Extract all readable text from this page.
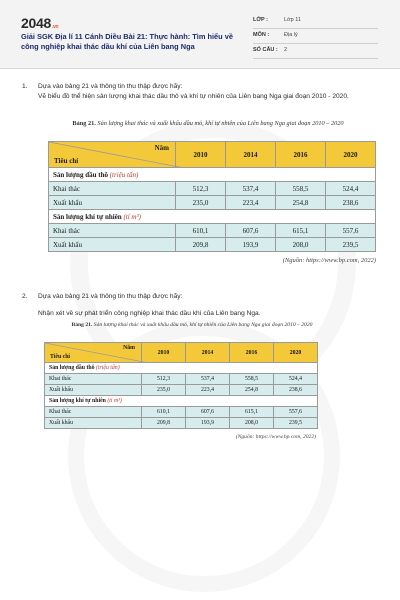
2048.vn
Giải SGK Địa lí 11 Cánh Diều Bài 21: Thực hành: Tìm hiểu về công nghiệp khai thác dầu khí của Liên bang Nga
LỚP :	Lớp 11
MÔN :	Địa lý
SỐ CÂU : 2
1. Dựa vào bảng 21 và thông tin thu thập được hãy:
Vẽ biểu đồ thể hiện sản lượng khai thác dầu thô và khí tự nhiên của Liên bang Nga giai đoạn 2010 - 2020.
Bảng 21. Sản lượng khai thác và xuất khẩu dầu mỏ, khí tự nhiên của Liên bang Nga giai đoạn 2010 – 2020
Năm
Tiêu chí	2010	2014	2016	2020
Sản lượng dầu thô (triệu tấn)				
Khai thác	512,3	537,4	558,5	524,4
Xuất khẩu	235,0	223,4	254,8	238,6
Sản lượng khí tự nhiên (tỉ m³)				
Khai thác	610,1	607,6	615,1	557,6
Xuất khẩu	209,8	193,9	208,0	239,5
(Nguồn: https://www.bp.com, 2022)
2. Dựa vào bảng 21 và thông tin thu thập được hãy:
Nhận xét về sự phát triển công nghiệp khai thác dầu khí của Liên bang Nga.
Bảng 21. Sản lượng khai thác và xuất khẩu dầu mỏ, khí tự nhiên của Liên bang Nga giai đoạn 2010 – 2020
Năm
Tiêu chí	2010	2014	2016	2020
Sản lượng dầu thô (triệu tấn)				
Khai thác	512,3	537,4	558,5	524,4
Xuất khẩu	235,0	223,4	254,8	238,6
Sản lượng khí tự nhiên (tỉ m³)				
Khai thác	610,1	607,6	615,1	557,6
Xuất khẩu	209,8	193,9	208,0	239,5
(Nguồn: https://www.bp.com, 2022)
